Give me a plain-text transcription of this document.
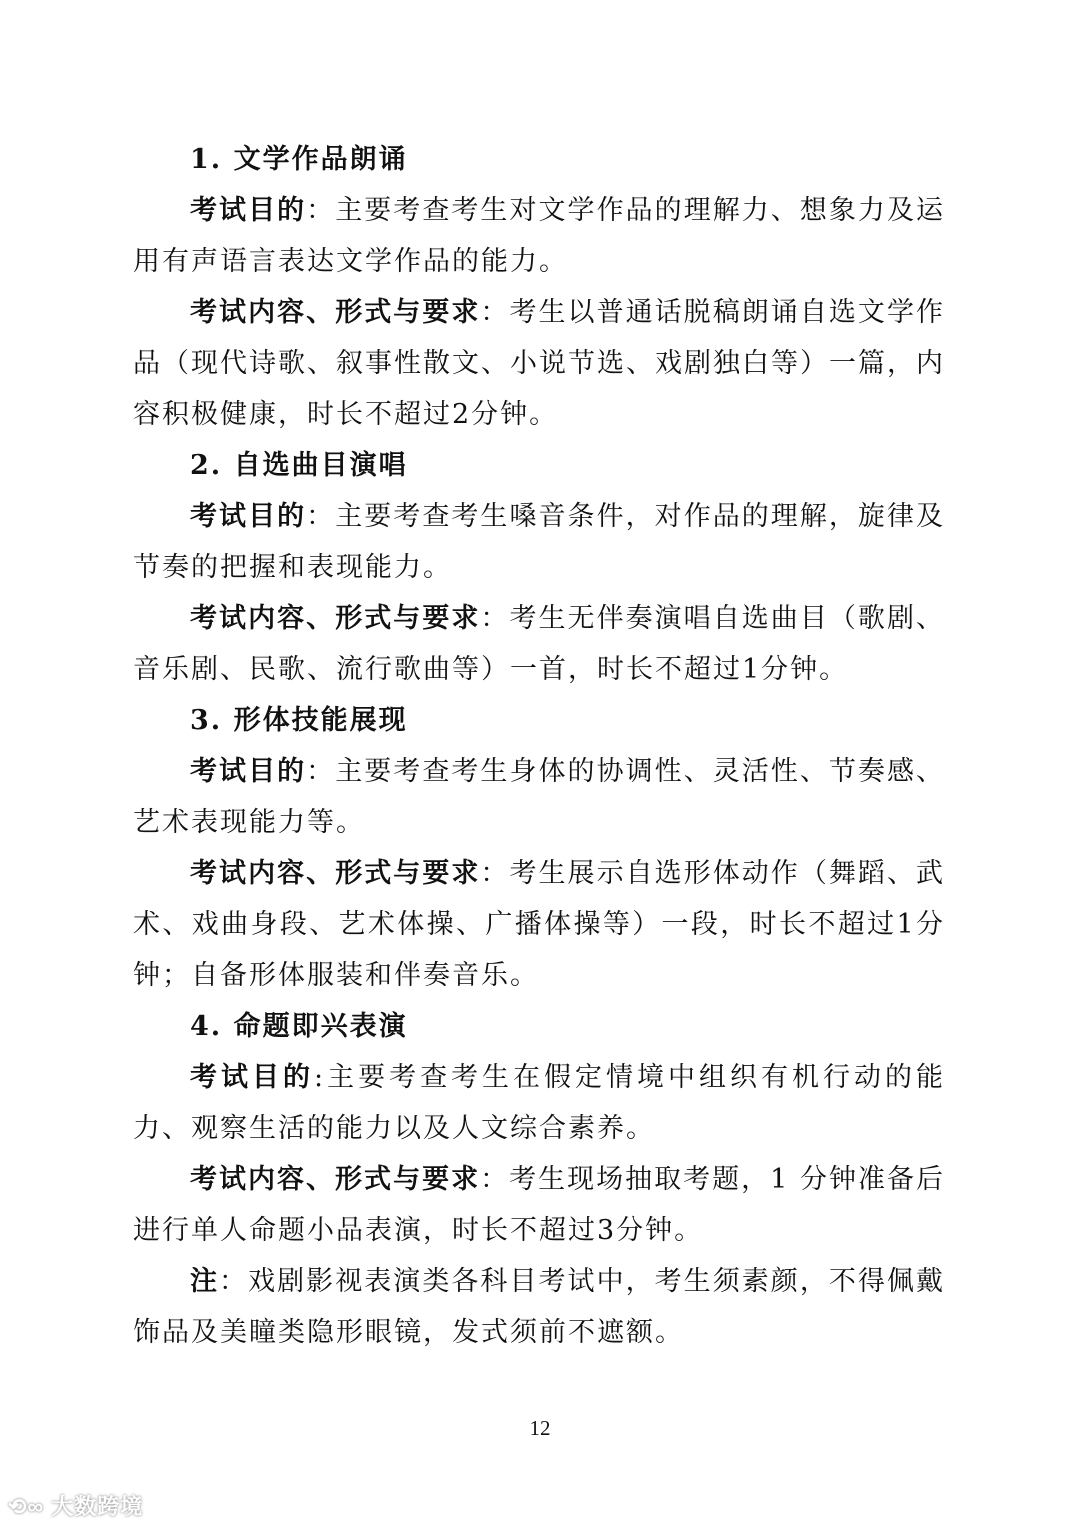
1. 文学作品朗诵

考试目的：主要考查考生对文学作品的理解力、想象力及运用有声语言表达文学作品的能力。

考试内容、形式与要求：考生以普通话脱稿朗诵自选文学作品（现代诗歌、叙事性散文、小说节选、戏剧独白等）一篇，内容积极健康，时长不超过2分钟。

2. 自选曲目演唱

考试目的：主要考查考生嗓音条件，对作品的理解，旋律及节奏的把握和表现能力。

考试内容、形式与要求：考生无伴奏演唱自选曲目（歌剧、音乐剧、民歌、流行歌曲等）一首，时长不超过1分钟。

3. 形体技能展现

考试目的：主要考查考生身体的协调性、灵活性、节奏感、艺术表现能力等。

考试内容、形式与要求：考生展示自选形体动作（舞蹈、武术、戏曲身段、艺术体操、广播体操等）一段，时长不超过1分钟；自备形体服装和伴奏音乐。

4. 命题即兴表演

考试目的:主要考查考生在假定情境中组织有机行动的能力、观察生活的能力以及人文综合素养。

考试内容、形式与要求：考生现场抽取考题，1 分钟准备后进行单人命题小品表演，时长不超过3分钟。

注：戏剧影视表演类各科目考试中，考生须素颜，不得佩戴饰品及美瞳类隐形眼镜，发式须前不遮额。

12
⟲∞ 大数跨境
